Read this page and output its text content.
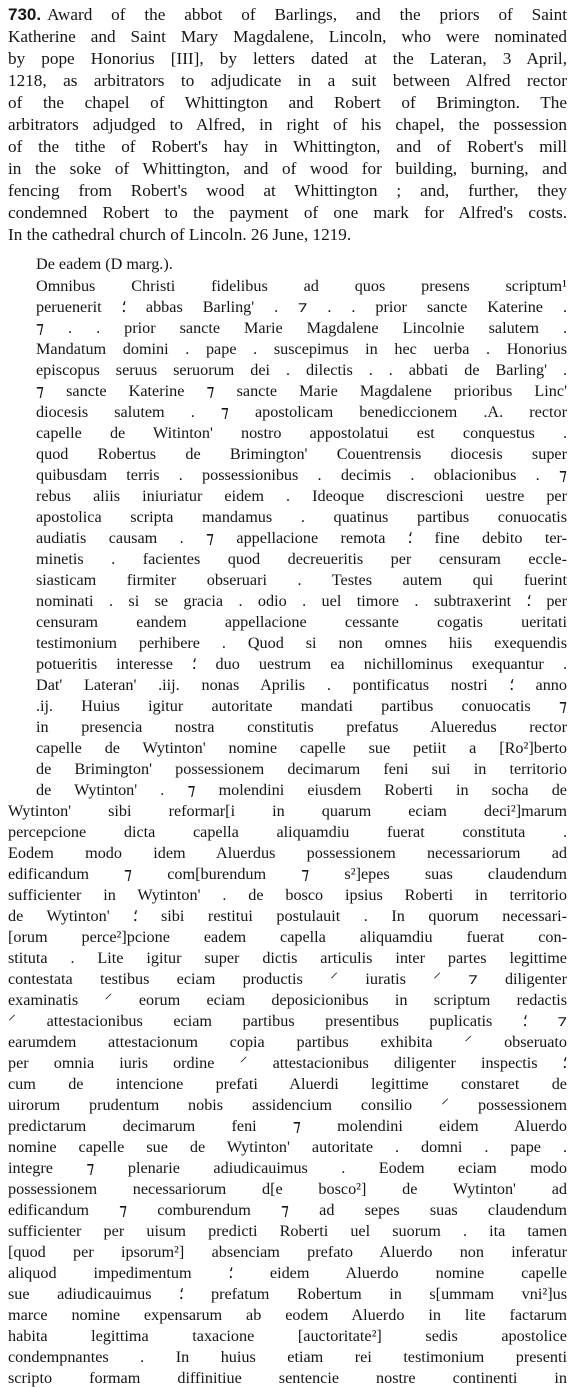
730. Award of the abbot of Barlings, and the priors of Saint
Katherine and Saint Mary Magdalene, Lincoln, who were nominated
by pope Honorius [III], by letters dated at the Lateran, 3 April,
1218, as arbitrators to adjudicate in a suit between Alfred rector
of the chapel of Whittington and Robert of Brimington. The
arbitrators adjudged to Alfred, in right of his chapel, the possession
of the tithe of Robert's hay in Whittington, and of Robert's mill
in the soke of Whittington, and of wood for building, burning, and
fencing from Robert's wood at Whittington ; and, further, they
condemned Robert to the payment of one mark for Alfred's costs.
In the cathedral church of Lincoln. 26 June, 1219.
De eadem (D marg.).
Omnibus Christi fidelibus ad quos presens scriptum¹
peruenerit ⸵ abbas Barling' . ⁊ . . prior sancte Katerine .
⁊ . . prior sancte Marie Magdalene Lincolnie salutem .
Mandatum domini . pape . suscepimus in hec uerba . Honorius
episcopus seruus seruorum dei . dilectis . . abbati de Barling' .
⁊ sancte Katerine ⁊ sancte Marie Magdalene prioribus Linc'
diocesis salutem . ⁊ apostolicam benediccionem .A. rector
capelle de Witinton' nostro appostolatui est conquestus .
quod Robertus de Brimington' Couentrensis diocesis super
quibusdam terris . possessionibus . decimis . oblacionibus . ⁊
rebus aliis iniuriatur eidem . Ideoque discrescioni uestre per
apostolica scripta mandamus . quatinus partibus conuocatis
audiatis causam . ⁊ appellacione remota ⸵ fine debito ter-
minetis . facientes quod decreueritis per censuram eccle-
siasticam firmiter obseruari . Testes autem qui fuerint
nominati . si se gracia . odio . uel timore . subtraxerint ⸵ per
censuram eandem appellacione cessante cogatis ueritati
testimonium perhibere . Quod si non omnes hiis exequendis
potueritis interesse ⸵ duo uestrum ea nichillominus exequantur .
Dat' Lateran' .iij. nonas Aprilis . pontificatus nostri ⸵ anno
.ij. Huius igitur autoritate mandati partibus conuocatis ⁊
in presencia nostra constitutis prefatus Alueredus rector
capelle de Wytinton' nomine capelle sue petiit a [Ro²]berto
de Brimington' possessionem decimarum feni sui in territorio
de Wytinton' . ⁊ molendini eiusdem Roberti in socha de
Wytinton' sibi reformar[i in quarum eciam deci²]marum
percepcione dicta capella aliquamdiu fuerat constituta .
Eodem modo idem Aluerdus possessionem necessariorum ad
edificandum ⁊ com[burendum ⁊ s²]epes suas claudendum
sufficienter in Wytinton' . de bosco ipsius Roberti in territorio
de Wytinton' ⸵ sibi restitui postulauit . In quorum necessari-
[orum perce²]pcione eadem capella aliquamdiu fuerat con-
stituta . Lite igitur super dictis articulis inter partes legittime
contestata testibus eciam productis ⸍ iuratis ⸍ ⁊ diligenter
examinatis ⸍ eorum eciam deposicionibus in scriptum redactis
⸍ attestacionibus eciam partibus presentibus puplicatis ⸵ ⁊
earumdem attestacionum copia partibus exhibita ⸍ obseruato
per omnia iuris ordine ⸍ attestacionibus diligenter inspectis ⸵
cum de intencione prefati Aluerdi legittime constaret de
uirorum prudentum nobis assidencium consilio ⸍ possessionem
predictarum decimarum feni ⁊ molendini eidem Aluerdo
nomine capelle sue de Wytinton' autoritate . domni . pape .
integre ⁊ plenarie adiudicauimus . Eodem eciam modo
possessionem necessariorum d[e bosco²] de Wytinton' ad
edificandum ⁊ comburendum ⁊ ad sepes suas claudendum
sufficienter per uisum predicti Roberti uel suorum . ita tamen
[quod per ipsorum²] absenciam prefato Aluerdo non inferatur
aliquod impedimentum ⸵ eidem Aluerdo nomine capelle
sue adiudicauimus ⸵ prefatum Robertum in s[ummam vni²]us
marce nomine expensarum ab eodem Aluerdo in lite factarum
habita legittima taxacione [auctoritate²] sedis apostolice
condempnantes . In huius etiam rei testimonium presenti
scripto formam diffinitiue sentencie nostre continenti in
